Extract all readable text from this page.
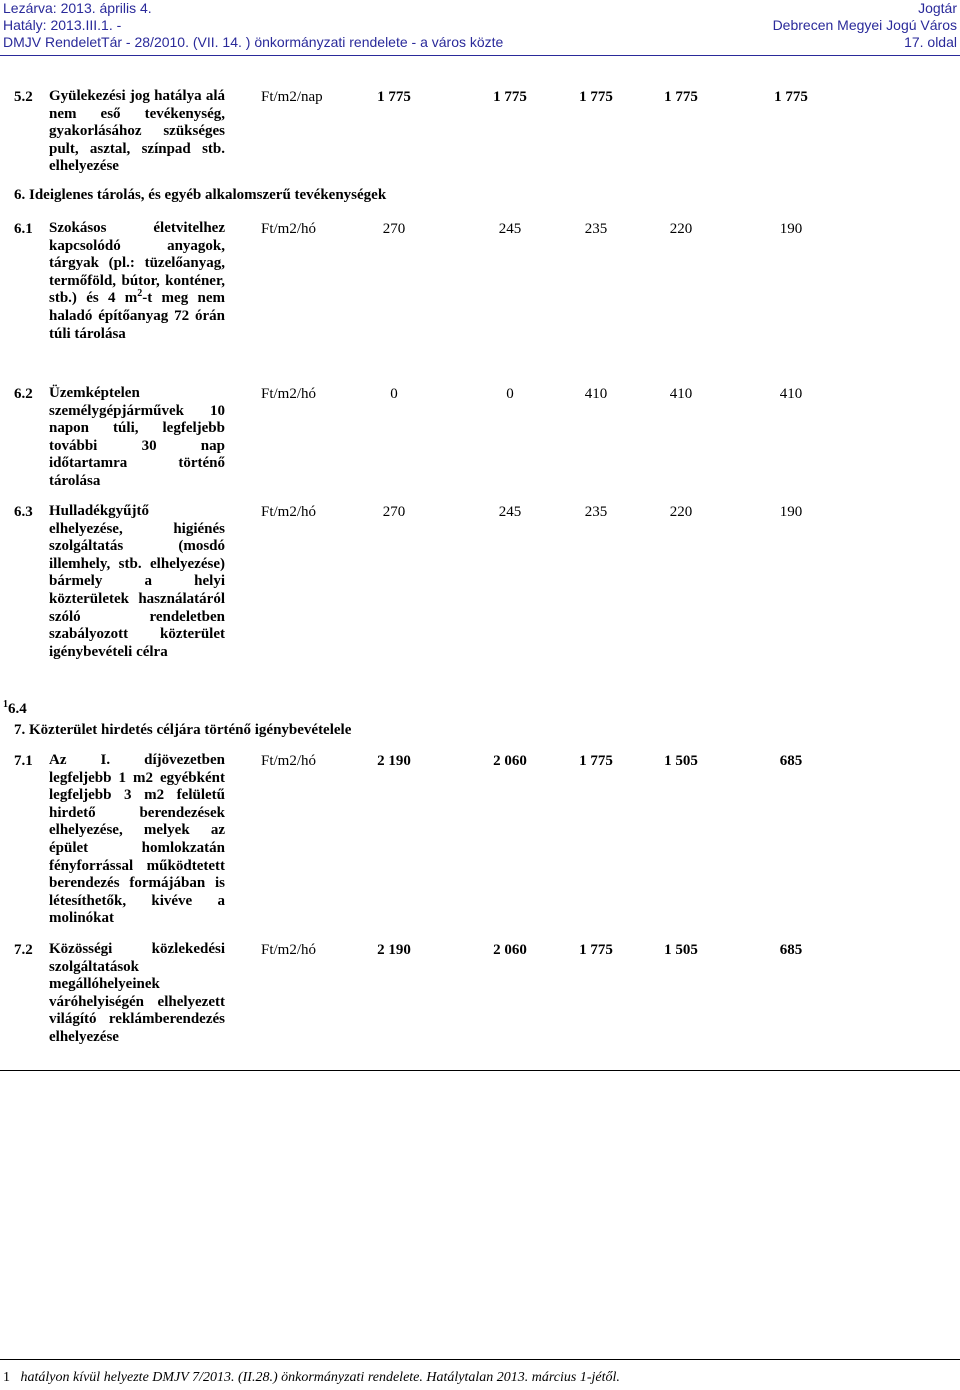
Lezárva: 2013. április 4.
Hatály: 2013.III.1. -
DMJV RendeletTár - 28/2010. (VII. 14. ) önkormányzati rendelete - a város közte
Jogtár
Debrecen Megyei Jogú Város
17. oldal
5.2 Gyülekezési jog hatálya alá nem eső tevékenység, gyakorlásához szükséges pult, asztal, színpad stb. elhelyezése
Ft/m2/nap	1 775	1 775	1 775	1 775	1 775
6. Ideiglenes tárolás, és egyéb alkalomszerű tevékenységek
6.1 Szokásos életvitelhez kapcsolódó anyagok, tárgyak (pl.: tüzelőanyag, termőföld, bútor, konténer, stb.) és 4 $m^2-t$ meg nem haladó építőanyag 72 órán túli tárolása
Ft/m2/hó	270	245	235	220	190
6.2 Üzemképtelen személygépjárművek 10 napon túli, legfeljebb további 30 nap időtartamra történő tárolása
Ft/m2/hó	0	0	410	410	410
6.3 Hulladékgyűjtő elhelyezése, higiénés szolgáltatás (mosdó illemhely, stb. elhelyezése) bármely a helyi közterületek használatáról szóló rendeletben szabályozott közterület igénybevételi célra
Ft/m2/hó	270	245	235	220	190
$^1$6.4
7. Közterület hirdetés céljára történő igénybevételele
7.1 Az I. díjövezetben legfeljebb 1 m2 egyébként legfeljebb 3 m2 felületű hirdető berendezések elhelyezése, melyek az épület homlokzatán fényforrással működtetett berendezés formájában is létesíthetők, kivéve a molinókat
Ft/m2/hó	2 190	2 060	1 775	1 505	685
7.2 Közösségi közlekedési szolgáltatások megállóhelyeinek váróhelyiségén elhelyezett világító reklámberendezés elhelyezése
Ft/m2/hó	2 190	2 060	1 775	1 505	685
1 hatályon kívül helyezte DMJV 7/2013. (II.28.) önkormányzati rendelete. Hatálytalan 2013. március 1-jétől.
